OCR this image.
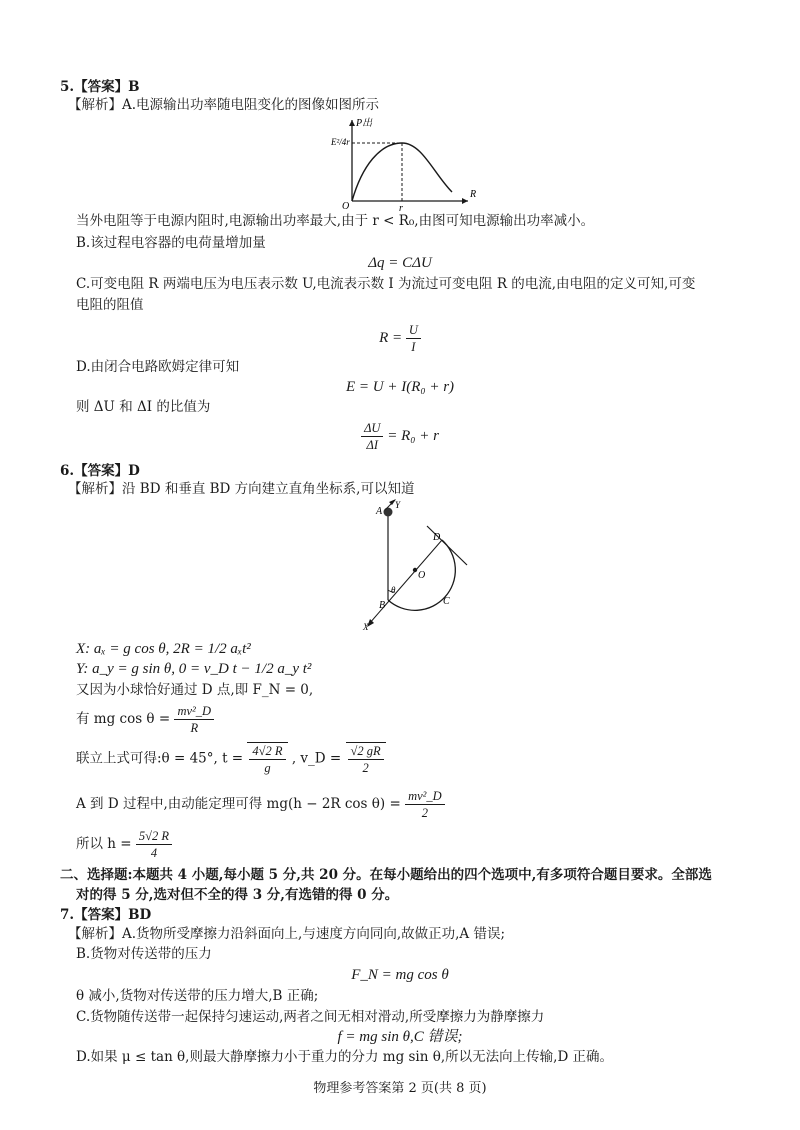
5.【答案】B
【解析】A.电源输出功率随电阻变化的图像如图所示
P出
E²/4r
R
O	r
当外电阻等于电源内阻时,电源输出功率最大,由于 r < R₀,由图可知电源输出功率减小。
B.该过程电容器的电荷量增加量
Δq = CΔU
C.可变电阻 R 两端电压为电压表示数 U,电流表示数 I 为流过可变电阻 R 的电流,由电阻的定义可知,可变
电阻的阻值
$R = \frac{U}{I}$
D.由闭合电路欧姆定律可知
E = U + I(R₀ + r)
则 ΔU 和 ΔI 的比值为
$\frac{\Delta U}{\Delta I} = R_0 + r$
6.【答案】D
【解析】沿 BD 和垂直 BD 方向建立直角坐标系,可以知道
A
Y
D
O
θ
B	C
X
X: aₓ = g cos θ, 2R = 1/2 aₓt²
Y: a_y = g sin θ, 0 = v_D t − 1/2 a_y t²
又因为小球恰好通过 D 点,即 F_N = 0,
有 mg $\cos \theta = \frac{\text{mv²\_D}}{R}$
联立上式可得:θ = 45°, $t = \frac{4√2 R}{g}$ , v_D = $\frac{√2 gR}{2}$
A 到 D 过程中,由动能定理可得 mg(h − 2R $\cos \theta) = \frac{\text{mv²\_D}}{2}$
所以 $h = \frac{5√2 R}{4}$
二、选择题:本题共 4 小题,每小题 5 分,共 20 分。在每小题给出的四个选项中,有多项符合题目要求。全部选
对的得 5 分,选对但不全的得 3 分,有选错的得 0 分。
7.【答案】BD
【解析】A.货物所受摩擦力沿斜面向上,与速度方向同向,故做正功,A 错误;
B.货物对传送带的压力
F_N = mg cos θ
θ 减小,货物对传送带的压力增大,B 正确;
C.货物随传送带一起保持匀速运动,两者之间无相对滑动,所受摩擦力为静摩擦力
f = mg sin θ,C 错误;
D.如果 μ ≤ tan θ,则最大静摩擦力小于重力的分力 mg sin θ,所以无法向上传输,D 正确。
物理参考答案第 2 页(共 8 页)
